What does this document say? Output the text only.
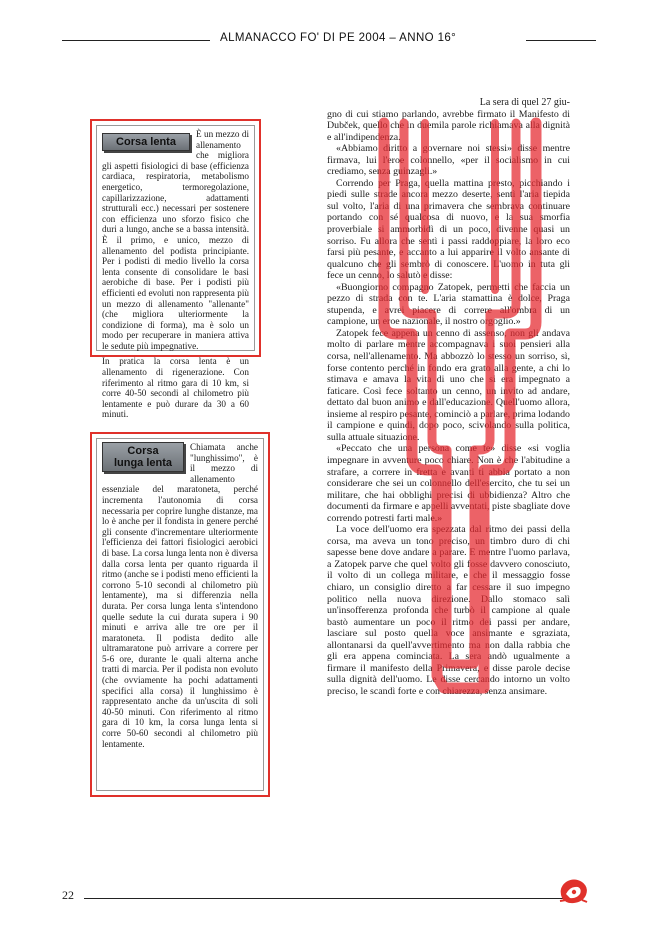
ALMANACCO FO' DI PE 2004 – ANNO 16°
Corsa lenta

È un mezzo di allenamento che migliora gli aspetti fisiologici di base (efficienza cardiaca, respiratoria, metabolismo energetico, termoregolazione, capillarizzazione, adattamenti strutturali ecc.) necessari per sostenere con efficienza uno sforzo fisico che duri a lungo, anche se a bassa intensità. È il primo, e unico, mezzo di allenamento del podista principiante. Per i podisti di medio livello la corsa lenta consente di consolidare le basi aerobiche di base. Per i podisti più efficienti ed evoluti non rappresenta più un mezzo di allenamento "allenante" (che migliora ulteriormente la condizione di forma), ma è solo un modo per recuperare in maniera attiva le sedute più impegnative.

In pratica la corsa lenta è un allenamento di rigenerazione. Con riferimento al ritmo gara di 10 km, si corre 40-50 secondi al chilometro più lentamente e può durare da 30 a 60 minuti.

Corsa
lunga lenta

Chiamata anche "lunghissimo", è il mezzo di allenamento essenziale del maratoneta, perché incrementa l'autonomia di corsa necessaria per coprire lunghe distanze, ma lo è anche per il fondista in genere perché gli consente d'incrementare ulteriormente l'efficienza dei fattori fisiologici aerobici di base. La corsa lunga lenta non è diversa dalla corsa lenta per quanto riguarda il ritmo (anche se i podisti meno efficienti la corrono 5-10 secondi al chilometro più lentamente), ma si differenzia nella durata. Per corsa lunga lenta s'intendono quelle sedute la cui durata supera i 90 minuti e arriva alle tre ore per il maratoneta. Il podista dedito alle ultramaratone può arrivare a correre per 5-6 ore, durante le quali alterna anche tratti di marcia. Per il podista non evoluto (che ovviamente ha pochi adattamenti specifici alla corsa) il lunghissimo è rappresentato anche da un'uscita di soli 40-50 minuti. Con riferimento al ritmo gara di 10 km, la corsa lunga lenta si corre 50-60 secondi al chilometro più lentamente.

La sera di quel 27 giu-

gno di cui stiamo parlando, avrebbe firmato il Manifesto di Dubček, quello che in duemila parole richiamava alla dignità e all'indipendenza.

«Abbiamo diritto a governare noi stessi» disse mentre firmava, lui l'eroe colonnello, «per il socialismo in cui crediamo, senza guinzagli.»

Correndo per Praga, quella mattina presto, picchiando i piedi sulle strade ancora mezzo deserte, sentì l'aria tiepida sul volto, l'aria di una primavera che sembrava continuare portando con sé qualcosa di nuovo, e la sua smorfia proverbiale si ammorbidì di un poco, divenne quasi un sorriso. Fu allora che sentì i passi raddoppiare, la loro eco farsi più pesante, e accanto a lui apparire il volto ansante di qualcuno che gli sembrò di conoscere. L'uomo in tuta gli fece un cenno, lo salutò e disse:

«Buongiorno compagno Zatopek, permetti che faccia un pezzo di strada con te. L'aria stamattina è dolce, Praga stupenda, e avrei piacere di correre all'ombra di un campione, un eroe nazionale, il nostro orgoglio.»

Zatopek fece appena un cenno di assenso, non gli andava molto di parlare mentre accompagnava i suoi pensieri alla corsa, nell'allenamento. Ma abbozzò lo stesso un sorriso, sì, forse contento perché in fondo era grato alla gente, a chi lo stimava e amava la vita di uno che si era impegnato a faticare. Così fece soltanto un cenno, un invito ad andare, dettato dal buon animo e dall'educazione. Quell'uomo allora, insieme al respiro pesante, cominciò a parlare, prima lodando il campione e quindi, dopo poco, scivolando sulla politica, sulla attuale situazione.

«Peccato che una persona come te» disse «si voglia impegnare in avventure poco chiare. Non è che l'abitudine a strafare, a correre in fretta e avanti ti abbia portato a non considerare che sei un colonnello dell'esercito, che tu sei un militare, che hai obblighi precisi di ubbidienza? Altro che documenti da firmare e appelli avventati, piste sbagliate dove correndo potresti farti male.»

La voce dell'uomo era spezzata dal ritmo dei passi della corsa, ma aveva un tono preciso, un timbro duro di chi sapesse bene dove andare a parare. E mentre l'uomo parlava, a Zatopek parve che quel volto gli fosse davvero conosciuto, il volto di un collega militare, e che il messaggio fosse chiaro, un consiglio diretto a far cessare il suo impegno politico nella nuova direzione. Dallo stomaco salì un'insofferenza profonda che turbò il campione al quale bastò aumentare un poco il ritmo dei passi per andare, lasciare sul posto quella voce ansimante e sgraziata, allontanarsi da quell'avvertimento ma non dalla rabbia che gli era appena cominciata. La sera andò ugualmente a firmare il manifesto della Primavera, e disse parole decise sulla dignità dell'uomo. Le disse cercando intorno un volto preciso, le scandì forte e con chiarezza, senza ansimare.

22
